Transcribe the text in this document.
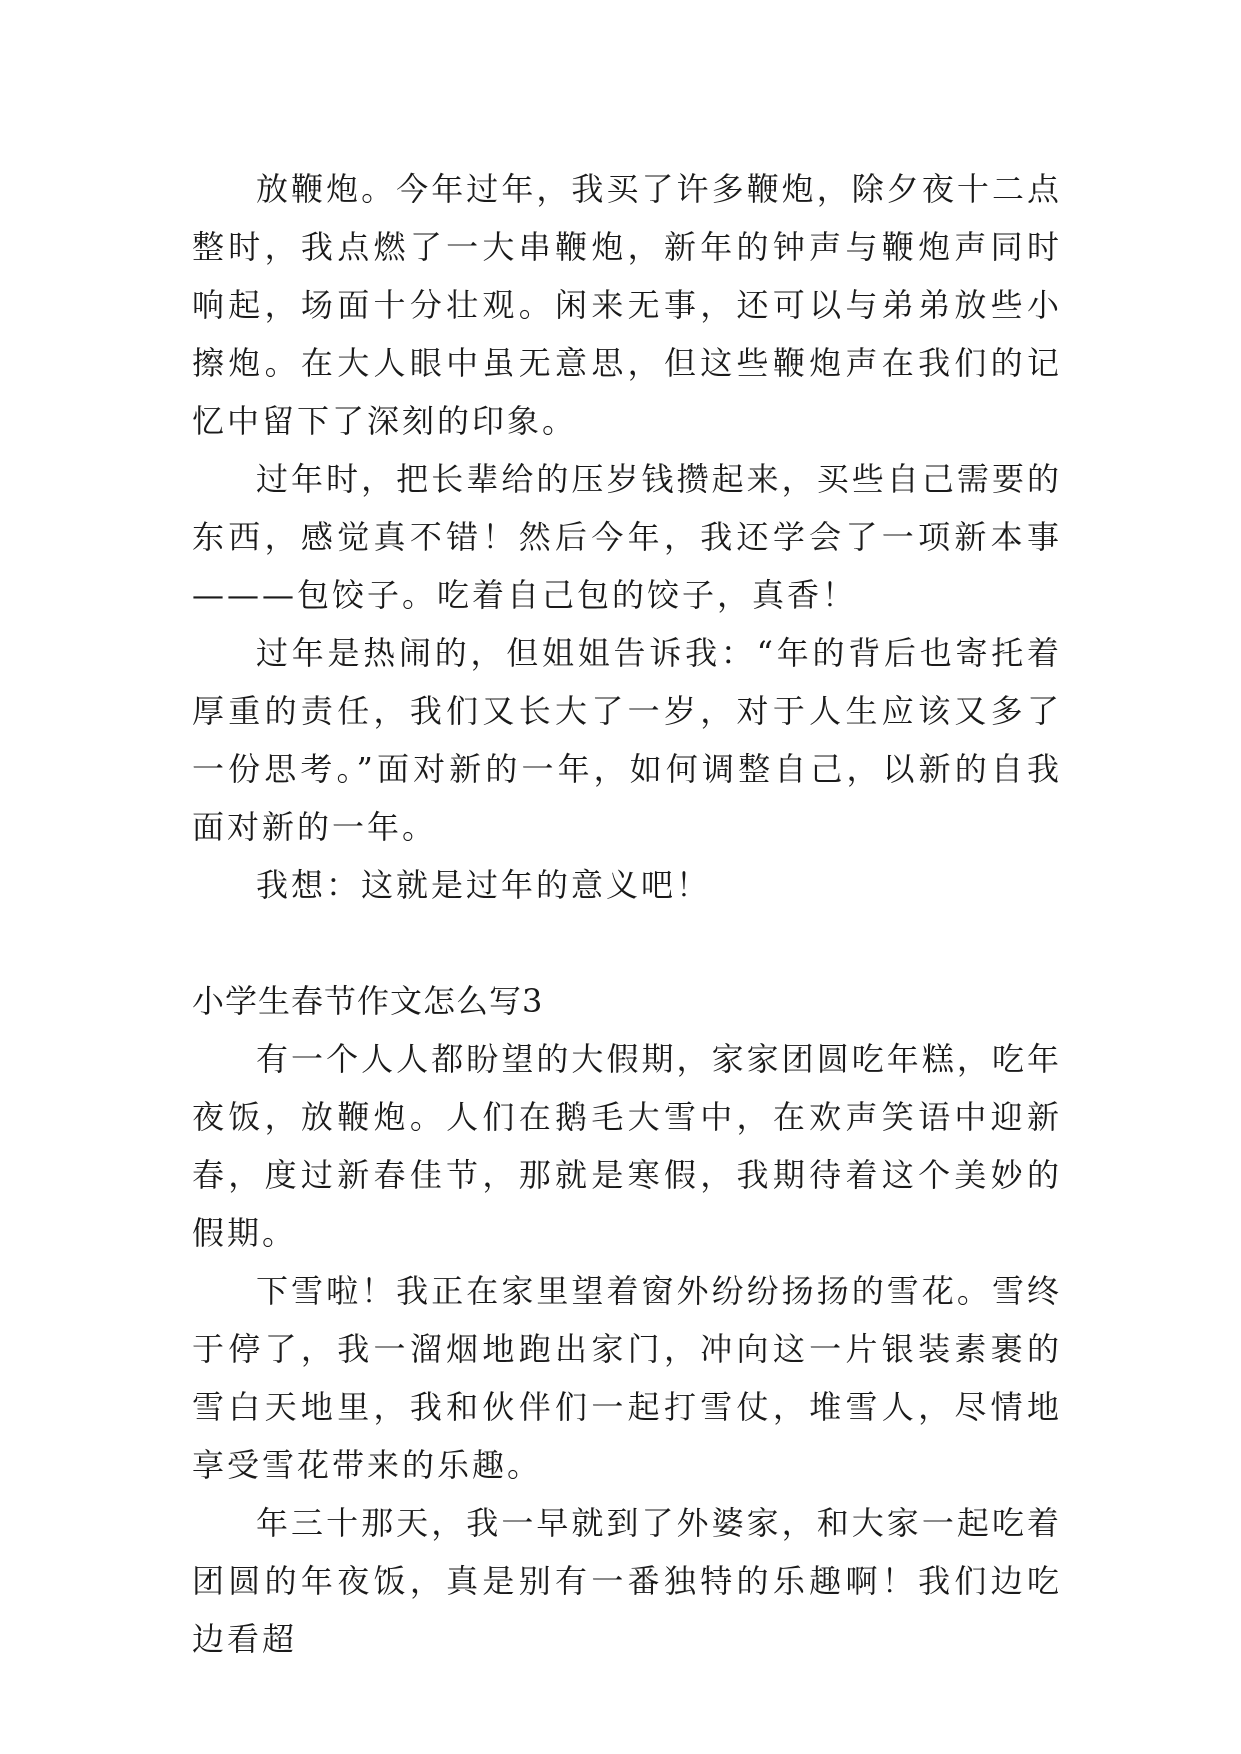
放鞭炮。今年过年，我买了许多鞭炮，除夕夜十二点整时，我点燃了一大串鞭炮，新年的钟声与鞭炮声同时响起，场面十分壮观。闲来无事，还可以与弟弟放些小擦炮。在大人眼中虽无意思，但这些鞭炮声在我们的记忆中留下了深刻的印象。

过年时，把长辈给的压岁钱攒起来，买些自己需要的东西，感觉真不错！然后今年，我还学会了一项新本事———包饺子。吃着自己包的饺子，真香！

过年是热闹的，但姐姐告诉我：“年的背后也寄托着厚重的责任，我们又长大了一岁，对于人生应该又多了一份思考。”面对新的一年，如何调整自己，以新的自我面对新的一年。

我想：这就是过年的意义吧！

小学生春节作文怎么写3

有一个人人都盼望的大假期，家家团圆吃年糕，吃年夜饭，放鞭炮。人们在鹅毛大雪中，在欢声笑语中迎新春，度过新春佳节，那就是寒假，我期待着这个美妙的假期。

下雪啦！我正在家里望着窗外纷纷扬扬的雪花。雪终于停了，我一溜烟地跑出家门，冲向这一片银装素裹的雪白天地里，我和伙伴们一起打雪仗，堆雪人，尽情地享受雪花带来的乐趣。

年三十那天，我一早就到了外婆家，和大家一起吃着团圆的年夜饭，真是别有一番独特的乐趣啊！我们边吃边看超
